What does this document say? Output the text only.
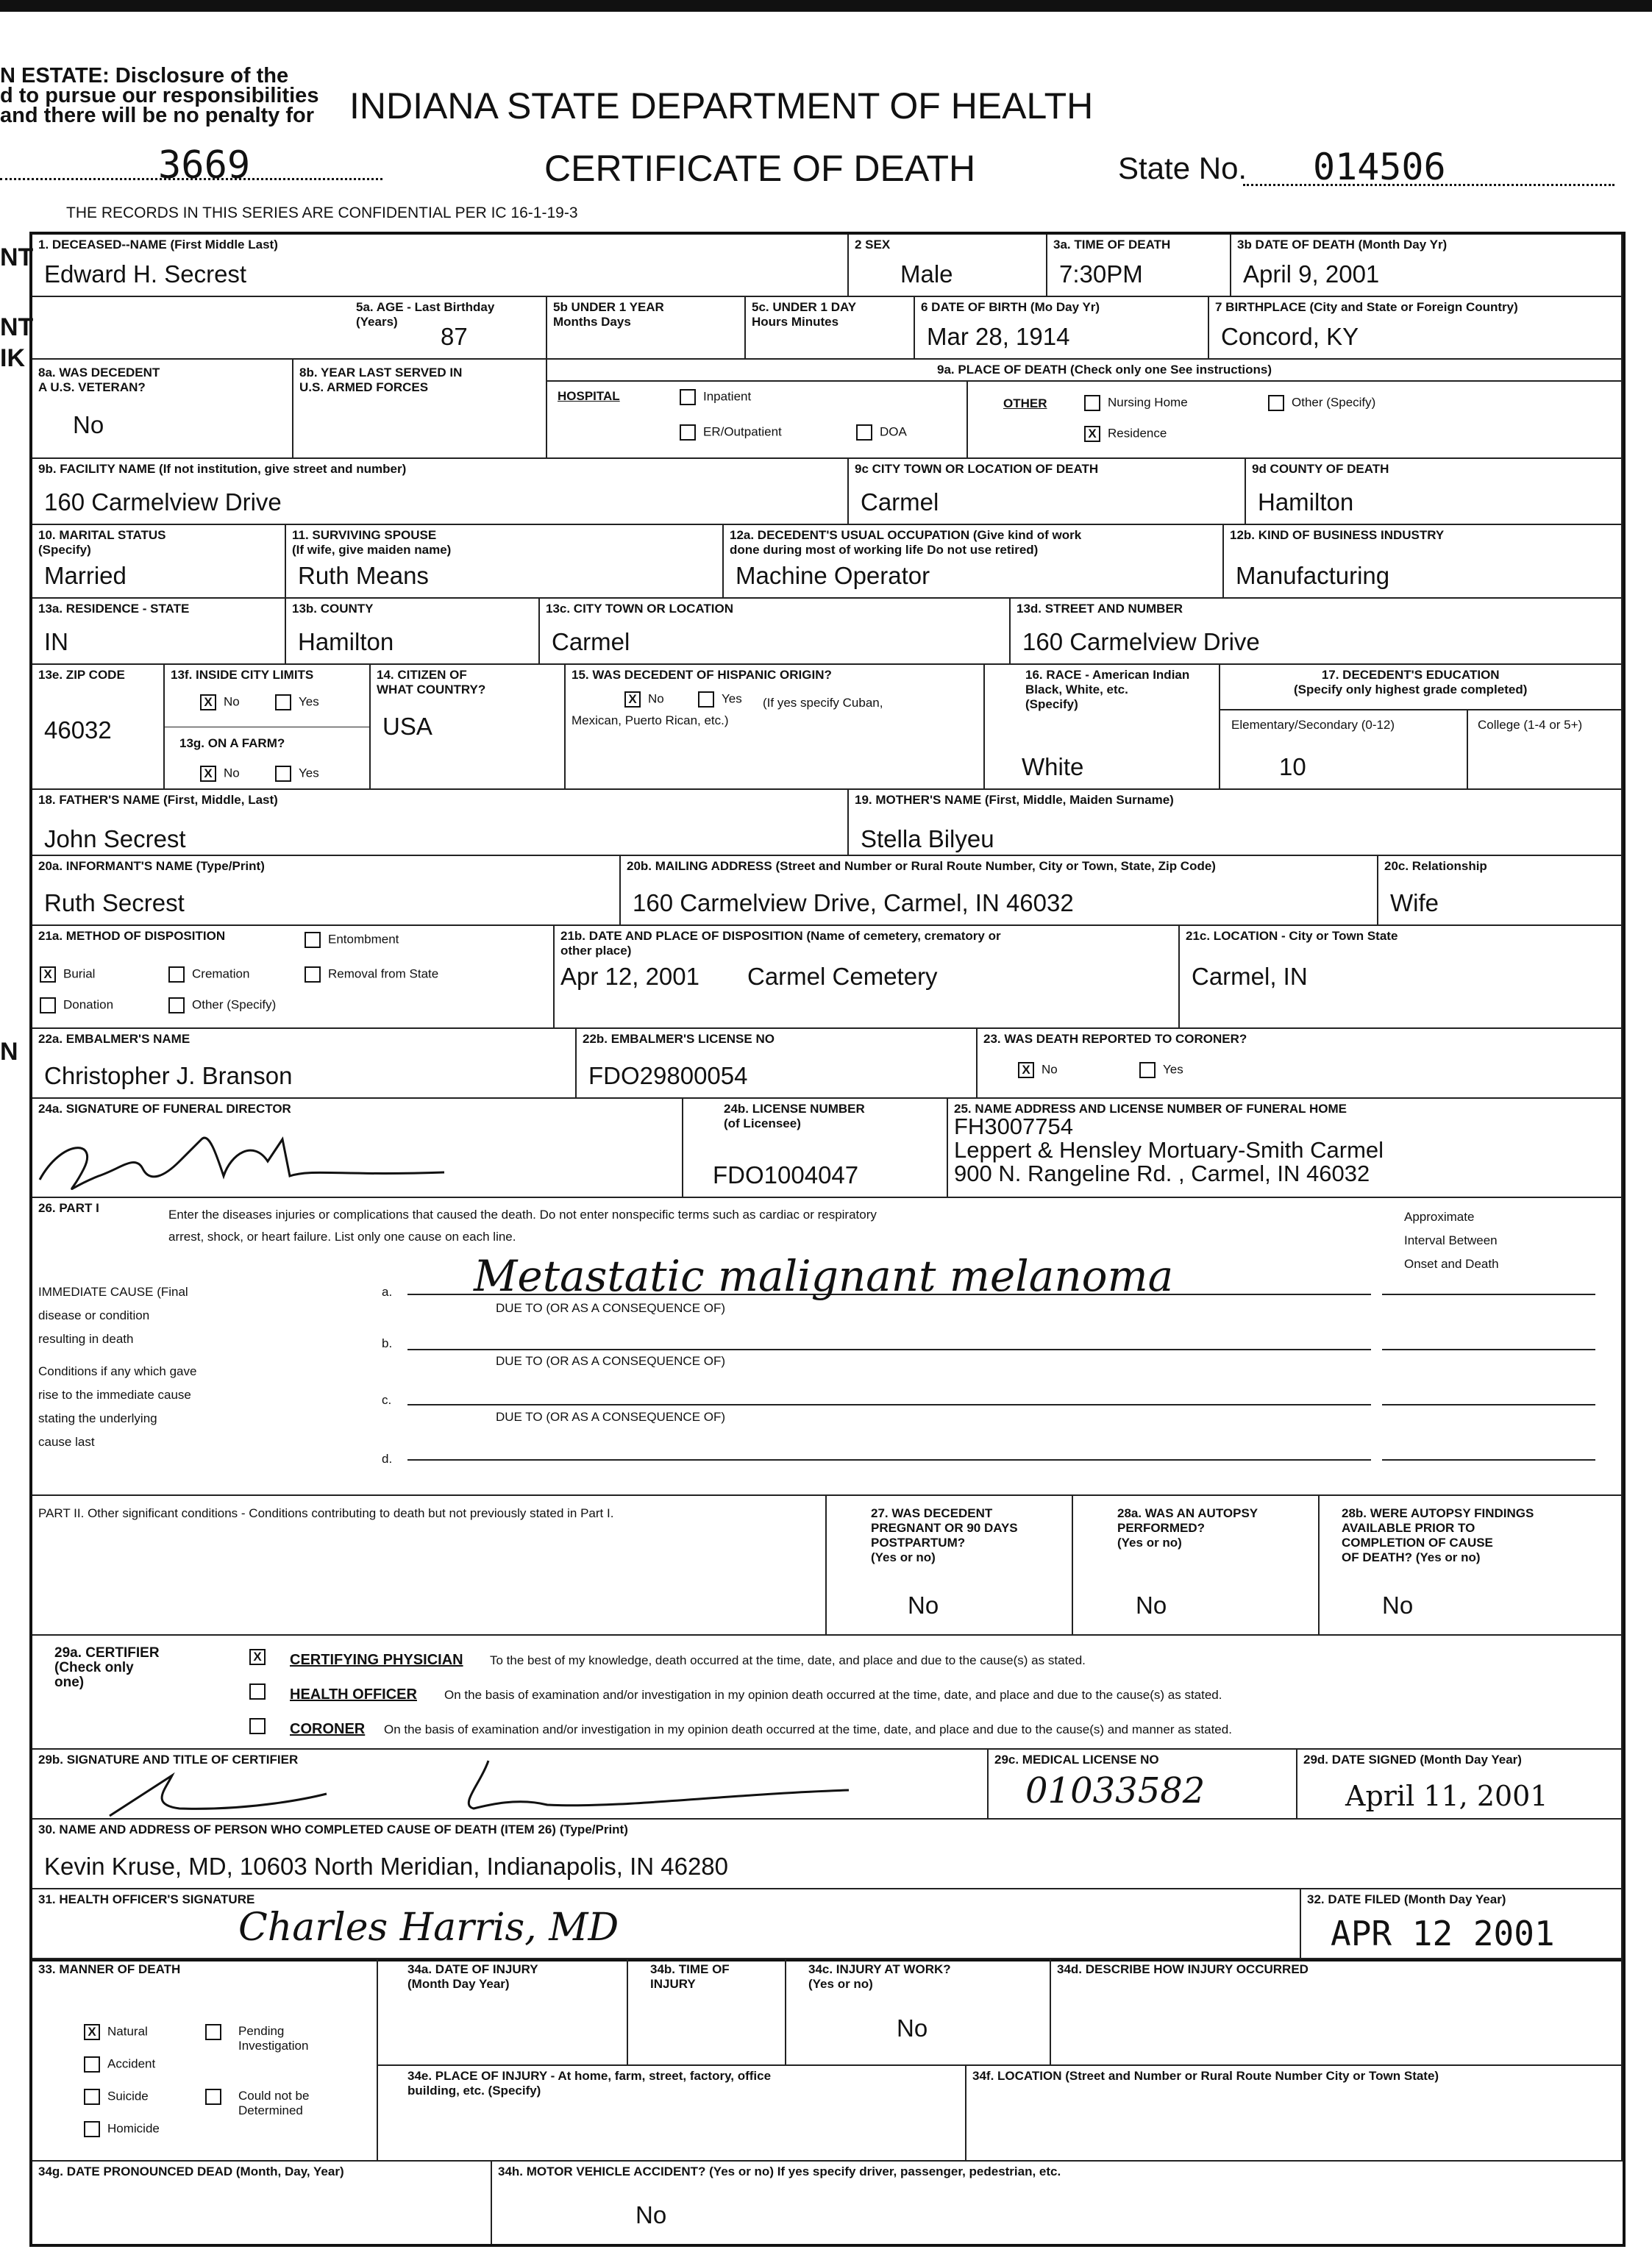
N ESTATE: Disclosure of the
d to pursue our responsibilities
and there will be no penalty for
NT
NT
IK
N
INDIANA STATE DEPARTMENT OF HEALTH
CERTIFICATE OF DEATH
3669	State No. 014506
THE RECORDS IN THIS SERIES ARE CONFIDENTIAL PER IC 16-1-19-3
1. DECEASED--NAME (First Middle Last)
Edward H. Secrest
2 SEX
Male
3a. TIME OF DEATH
7:30PM
3b DATE OF DEATH (Month Day Yr)
April 9, 2001
5a. AGE - Last Birthday
(Years)
87
5b UNDER 1 YEAR
Months Days
5c. UNDER 1 DAY
Hours Minutes
6 DATE OF BIRTH (Mo Day Yr)
Mar 28, 1914
7 BIRTHPLACE (City and State or Foreign Country)
Concord, KY
8a. WAS DECEDENT
A U.S. VETERAN?
No
8b. YEAR LAST SERVED IN
U.S. ARMED FORCES
9a. PLACE OF DEATH (Check only one See instructions)
HOSPITAL	Inpatient
ER/Outpatient	DOA
OTHER	Nursing Home	Other (Specify)
X Residence
9b. FACILITY NAME (If not institution, give street and number)
160 Carmelview Drive
9c CITY TOWN OR LOCATION OF DEATH
Carmel
9d COUNTY OF DEATH
Hamilton
10. MARITAL STATUS
(Specify)
Married
11. SURVIVING SPOUSE
(If wife, give maiden name)
Ruth Means
12a. DECEDENT'S USUAL OCCUPATION (Give kind of work
done during most of working life Do not use retired)
Machine Operator
12b. KIND OF BUSINESS INDUSTRY
Manufacturing
13a. RESIDENCE - STATE
IN
13b. COUNTY
Hamilton
13c. CITY TOWN OR LOCATION
Carmel
13d. STREET AND NUMBER
160 Carmelview Drive
13e. ZIP CODE
46032
13f. INSIDE CITY LIMITS
X No	Yes
13g. ON A FARM?
X No	Yes
14. CITIZEN OF
WHAT COUNTRY?
USA
15. WAS DECEDENT OF HISPANIC ORIGIN?
X No	Yes	(If yes specify Cuban,
Mexican, Puerto Rican, etc.)
16. RACE - American Indian
Black, White, etc.
(Specify)
White
17. DECEDENT'S EDUCATION
(Specify only highest grade completed)
Elementary/Secondary (0-12)	College (1-4 or 5+)
10
18. FATHER'S NAME (First, Middle, Last)
John Secrest
19. MOTHER'S NAME (First, Middle, Maiden Surname)
Stella Bilyeu
20a. INFORMANT'S NAME (Type/Print)
Ruth Secrest
20b. MAILING ADDRESS (Street and Number or Rural Route Number, City or Town, State, Zip Code)
160 Carmelview Drive, Carmel, IN 46032
20c. Relationship
Wife
21a. METHOD OF DISPOSITION
X Burial
Donation
Cremation
Other (Specify)
Entombment
Removal from State
21b. DATE AND PLACE OF DISPOSITION (Name of cemetery, crematory or
other place)
Apr 12, 2001 Carmel Cemetery
21c. LOCATION - City or Town State
Carmel, IN
22a. EMBALMER'S NAME
Christopher J. Branson
22b. EMBALMER'S LICENSE NO
FDO29800054
23. WAS DEATH REPORTED TO CORONER?
X No	Yes
24a. SIGNATURE OF FUNERAL DIRECTOR	24b. LICENSE NUMBER
(of Licensee)
FDO1004047
25. NAME ADDRESS AND LICENSE NUMBER OF FUNERAL HOME
FH3007754
Leppert & Hensley Mortuary-Smith Carmel
900 N. Rangeline Rd. , Carmel, IN 46032
26. PART I	Enter the diseases injuries or complications that caused the death. Do not enter nonspecific terms such as cardiac or respiratory
arrest, shock, or heart failure. List only one cause on each line.
Approximate
Interval Between
Onset and Death
IMMEDIATE CAUSE (Final
disease or condition
resulting in death
Conditions if any which gave
rise to the immediate cause
stating the underlying
cause last
a. Metastatic malignant melanoma
DUE TO (OR AS A CONSEQUENCE OF)
b.
DUE TO (OR AS A CONSEQUENCE OF)
c.
DUE TO (OR AS A CONSEQUENCE OF)
d.
PART II. Other significant conditions - Conditions contributing to death but not previously stated in Part I.	27. WAS DECEDENT
PREGNANT OR 90 DAYS
POSTPARTUM?
(Yes or no)
No
28a. WAS AN AUTOPSY
PERFORMED?
(Yes or no)
No
28b. WERE AUTOPSY FINDINGS
AVAILABLE PRIOR TO
COMPLETION OF CAUSE
OF DEATH? (Yes or no)
No
29a. CERTIFIER
(Check only
one)
X	CERTIFYING PHYSICIAN To the best of my knowledge, death occurred at the time, date, and place and due to the cause(s) as stated.
HEALTH OFFICER On the basis of examination and/or investigation in my opinion death occurred at the time, date, and place and due to the cause(s) as stated.
CORONER On the basis of examination and/or investigation in my opinion death occurred at the time, date, and place and due to the cause(s) and manner as stated.
29b. SIGNATURE AND TITLE OF CERTIFIER	29c. MEDICAL LICENSE NO
01033582
29d. DATE SIGNED (Month Day Year)
April 11, 2001
30. NAME AND ADDRESS OF PERSON WHO COMPLETED CAUSE OF DEATH (ITEM 26) (Type/Print)
Kevin Kruse, MD, 10603 North Meridian, Indianapolis, IN 46280
31. HEALTH OFFICER'S SIGNATURE
Charles Harris, MD
32. DATE FILED (Month Day Year)
APR 12 2001
33. MANNER OF DEATH
X Natural
Accident
Suicide
Homicide
Pending
Investigation
Could not be
Determined
34a. DATE OF INJURY
(Month Day Year)
34b. TIME OF
INJURY
34c. INJURY AT WORK?
(Yes or no)
No
34d. DESCRIBE HOW INJURY OCCURRED
34e. PLACE OF INJURY - At home, farm, street, factory, office
building, etc. (Specify)
34f. LOCATION (Street and Number or Rural Route Number City or Town State)
34g. DATE PRONOUNCED DEAD (Month, Day, Year)	34h. MOTOR VEHICLE ACCIDENT? (Yes or no) If yes specify driver, passenger, pedestrian, etc.
No
